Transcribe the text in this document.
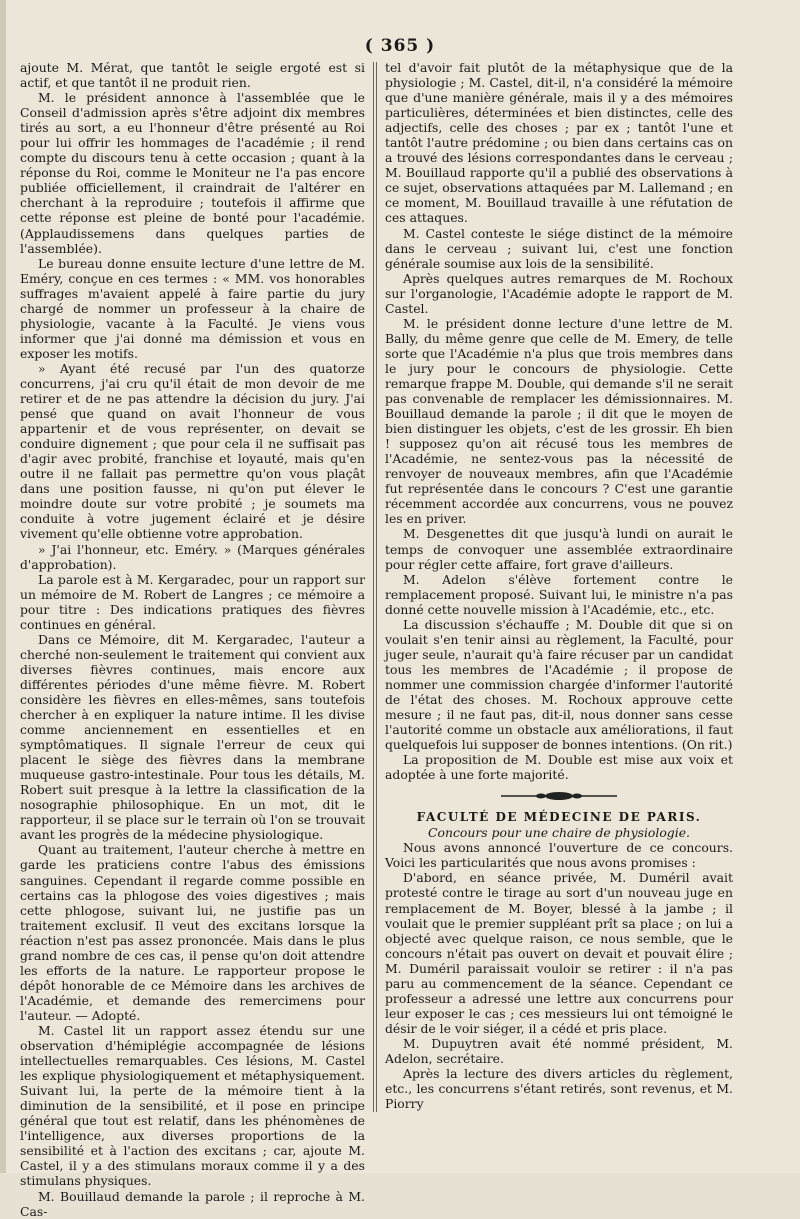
( 365 )

ajoute M. Mérat, que tantôt le seigle ergoté est si actif, et que tantôt il ne produit rien.

M. le président annonce à l'assemblée que le Conseil d'admission après s'être adjoint dix membres tirés au sort, a eu l'honneur d'être présenté au Roi pour lui offrir les hommages de l'académie ; il rend compte du discours tenu à cette occasion ; quant à la réponse du Roi, comme le Moniteur ne l'a pas encore publiée officiellement, il craindrait de l'altérer en cherchant à la reproduire ; toutefois il affirme que cette réponse est pleine de bonté pour l'académie. (Applaudissemens dans quelques parties de l'assemblée).

Le bureau donne ensuite lecture d'une lettre de M. Eméry, conçue en ces termes : « MM. vos honorables suffrages m'avaient appelé à faire partie du jury chargé de nommer un professeur à la chaire de physiologie, vacante à la Faculté. Je viens vous informer que j'ai donné ma démission et vous en exposer les motifs.

» Ayant été recusé par l'un des quatorze concurrens, j'ai cru qu'il était de mon devoir de me retirer et de ne pas attendre la décision du jury. J'ai pensé que quand on avait l'honneur de vous appartenir et de vous représenter, on devait se conduire dignement ; que pour cela il ne suffisait pas d'agir avec probité, franchise et loyauté, mais qu'en outre il ne fallait pas permettre qu'on vous plaçât dans une position fausse, ni qu'on put élever le moindre doute sur votre probité ; je soumets ma conduite à votre jugement éclairé et je désire vivement qu'elle obtienne votre approbation.

» J'ai l'honneur, etc. Eméry. » (Marques générales d'approbation).

La parole est à M. Kergaradec, pour un rapport sur un mémoire de M. Robert de Langres ; ce mémoire a pour titre : Des indications pratiques des fièvres continues en général.

Dans ce Mémoire, dit M. Kergaradec, l'auteur a cherché non-seulement le traitement qui convient aux diverses fièvres continues, mais encore aux différentes périodes d'une même fièvre. M. Robert considère les fièvres en elles-mêmes, sans toutefois chercher à en expliquer la nature intime. Il les divise comme anciennement en essentielles et en symptômatiques. Il signale l'erreur de ceux qui placent le siège des fièvres dans la membrane muqueuse gastro-intestinale. Pour tous les détails, M. Robert suit presque à la lettre la classification de la nosographie philosophique. En un mot, dit le rapporteur, il se place sur le terrain où l'on se trouvait avant les progrès de la médecine physiologique.

Quant au traitement, l'auteur cherche à mettre en garde les praticiens contre l'abus des émissions sanguines. Cependant il regarde comme possible en certains cas la phlogose des voies digestives ; mais cette phlogose, suivant lui, ne justifie pas un traitement exclusif. Il veut des excitans lorsque la réaction n'est pas assez prononcée. Mais dans le plus grand nombre de ces cas, il pense qu'on doit attendre les efforts de la nature. Le rapporteur propose le dépôt honorable de ce Mémoire dans les archives de l'Académie, et demande des remercimens pour l'auteur. — Adopté.

M. Castel lit un rapport assez étendu sur une observation d'hémiplégie accompagnée de lésions intellectuelles remarquables. Ces lésions, M. Castel les explique physiologiquement et métaphysiquement. Suivant lui, la perte de la mémoire tient à la diminution de la sensibilité, et il pose en principe général que tout est relatif, dans les phénomènes de l'intelligence, aux diverses proportions de la sensibilité et à l'action des excitans ; car, ajoute M. Castel, il y a des stimulans moraux comme il y a des stimulans physiques.

M. Bouillaud demande la parole ; il reproche à M. Cas-

tel d'avoir fait plutôt de la métaphysique que de la physiologie ; M. Castel, dit-il, n'a considéré la mémoire que d'une manière générale, mais il y a des mémoires particulières, déterminées et bien distinctes, celle des adjectifs, celle des choses ; par ex ; tantôt l'une et tantôt l'autre prédomine ; ou bien dans certains cas on a trouvé des lésions correspondantes dans le cerveau ; M. Bouillaud rapporte qu'il a publié des observations à ce sujet, observations attaquées par M. Lallemand ; en ce moment, M. Bouillaud travaille à une réfutation de ces attaques.

M. Castel conteste le siége distinct de la mémoire dans le cerveau ; suivant lui, c'est une fonction générale soumise aux lois de la sensibilité.

Après quelques autres remarques de M. Rochoux sur l'organologie, l'Académie adopte le rapport de M. Castel.

M. le président donne lecture d'une lettre de M. Bally, du même genre que celle de M. Emery, de telle sorte que l'Académie n'a plus que trois membres dans le jury pour le concours de physiologie. Cette remarque frappe M. Double, qui demande s'il ne serait pas convenable de remplacer les démissionnaires. M. Bouillaud demande la parole ; il dit que le moyen de bien distinguer les objets, c'est de les grossir. Eh bien ! supposez qu'on ait récusé tous les membres de l'Académie, ne sentez-vous pas la nécessité de renvoyer de nouveaux membres, afin que l'Académie fut représentée dans le concours ? C'est une garantie récemment accordée aux concurrens, vous ne pouvez les en priver.

M. Desgenettes dit que jusqu'à lundi on aurait le temps de convoquer une assemblée extraordinaire pour régler cette affaire, fort grave d'ailleurs.

M. Adelon s'élève fortement contre le remplacement proposé. Suivant lui, le ministre n'a pas donné cette nouvelle mission à l'Académie, etc., etc.

La discussion s'échauffe ; M. Double dit que si on voulait s'en tenir ainsi au règlement, la Faculté, pour juger seule, n'aurait qu'à faire récuser par un candidat tous les membres de l'Académie ; il propose de nommer une commission chargée d'informer l'autorité de l'état des choses. M. Rochoux approuve cette mesure ; il ne faut pas, dit-il, nous donner sans cesse l'autorité comme un obstacle aux améliorations, il faut quelquefois lui supposer de bonnes intentions. (On rit.)

La proposition de M. Double est mise aux voix et adoptée à une forte majorité.

FACULTÉ DE MÉDECINE DE PARIS.

Concours pour une chaire de physiologie.

Nous avons annoncé l'ouverture de ce concours. Voici les particularités que nous avons promises :

D'abord, en séance privée, M. Duméril avait protesté contre le tirage au sort d'un nouveau juge en remplacement de M. Boyer, blessé à la jambe ; il voulait que le premier suppléant prît sa place ; on lui a objecté avec quelque raison, ce nous semble, que le concours n'était pas ouvert on devait et pouvait élire ; M. Duméril paraissait vouloir se retirer : il n'a pas paru au commencement de la séance. Cependant ce professeur a adressé une lettre aux concurrens pour leur exposer le cas ; ces messieurs lui ont témoigné le désir de le voir siéger, il a cédé et pris place.

M. Dupuytren avait été nommé président, M. Adelon, secrétaire.

Après la lecture des divers articles du règlement, etc., les concurrens s'étant retirés, sont revenus, et M. Piorry
